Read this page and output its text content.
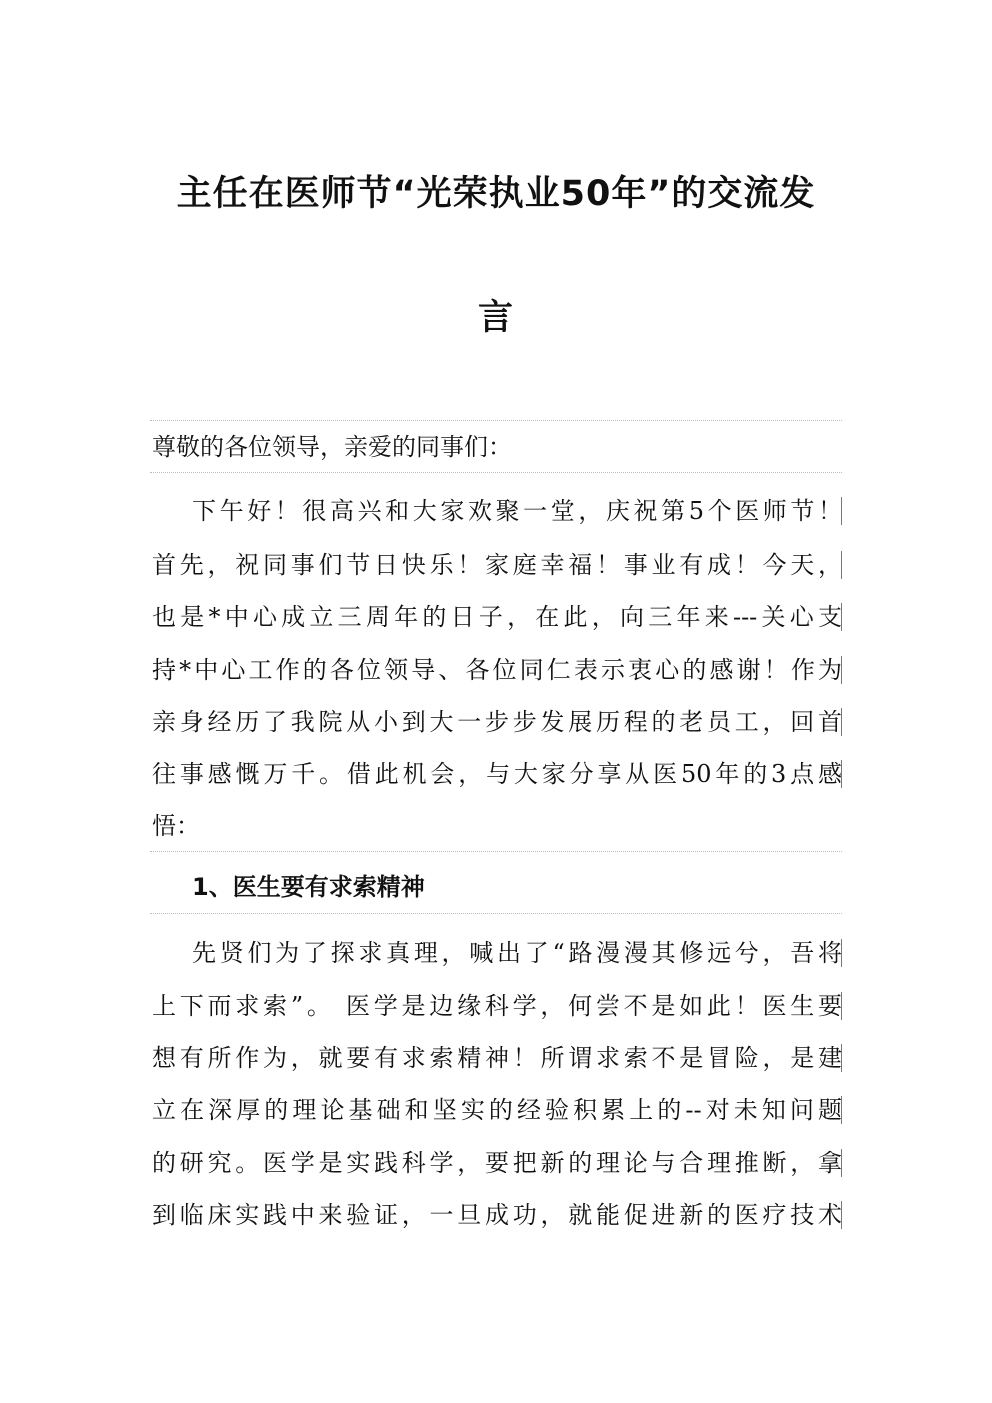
主任在医师节“光荣执业50年”的交流发
言
尊敬的各位领导，亲爱的同事们：
下午好！很高兴和大家欢聚一堂，庆祝第5个医师节！
首先，祝同事们节日快乐！家庭幸福！事业有成！今天，
也是*中心成立三周年的日子，在此，向三年来---关心支
持*中心工作的各位领导、各位同仁表示衷心的感谢！作为
亲身经历了我院从小到大一步步发展历程的老员工，回首
往事感慨万千。借此机会，与大家分享从医50年的3点感
悟：
1、医生要有求索精神
先贤们为了探求真理，喊出了“路漫漫其修远兮，吾将
上下而求索”。 医学是边缘科学，何尝不是如此！医生要
想有所作为，就要有求索精神！所谓求索不是冒险，是建
立在深厚的理论基础和坚实的经验积累上的--对未知问题
的研究。医学是实践科学，要把新的理论与合理推断，拿
到临床实践中来验证，一旦成功，就能促进新的医疗技术
